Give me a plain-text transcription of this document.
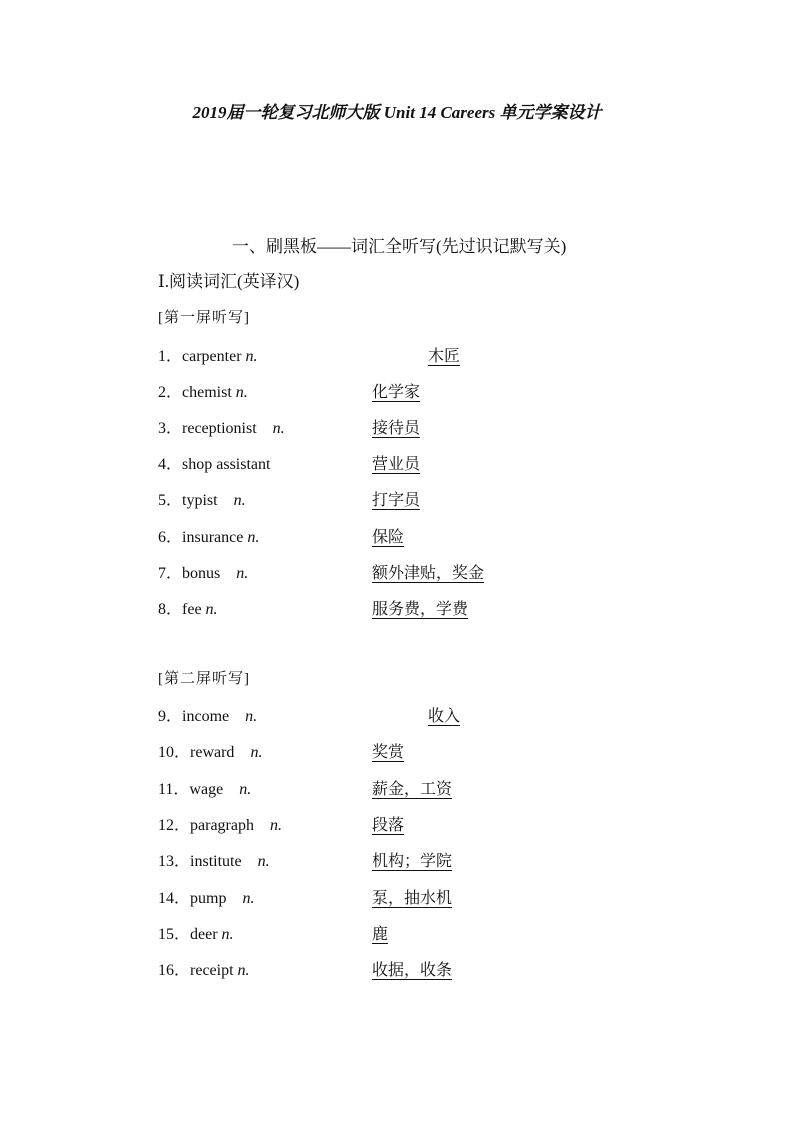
2019届一轮复习北师大版 Unit 14 Careers 单元学案设计
一、刷黑板——词汇全听写(先过识记默写关)
Ⅰ.阅读词汇(英译汉)
[第一屏听写]
1．carpenter n.	木匠
2．chemist n.	化学家
3．receptionist n.	接待员
4．shop assistant	营业员
5．typist n.	打字员
6．insurance n.	保险
7．bonus n.	额外津贴，奖金
8．fee n.	服务费，学费
[第二屏听写]
9．income n.	收入
10．reward n.	奖赏
11．wage n.	薪金，工资
12．paragraph n.	段落
13．institute n.	机构；学院
14．pump n.	泵，抽水机
15．deer n.	鹿
16．receipt n.	收据，收条
